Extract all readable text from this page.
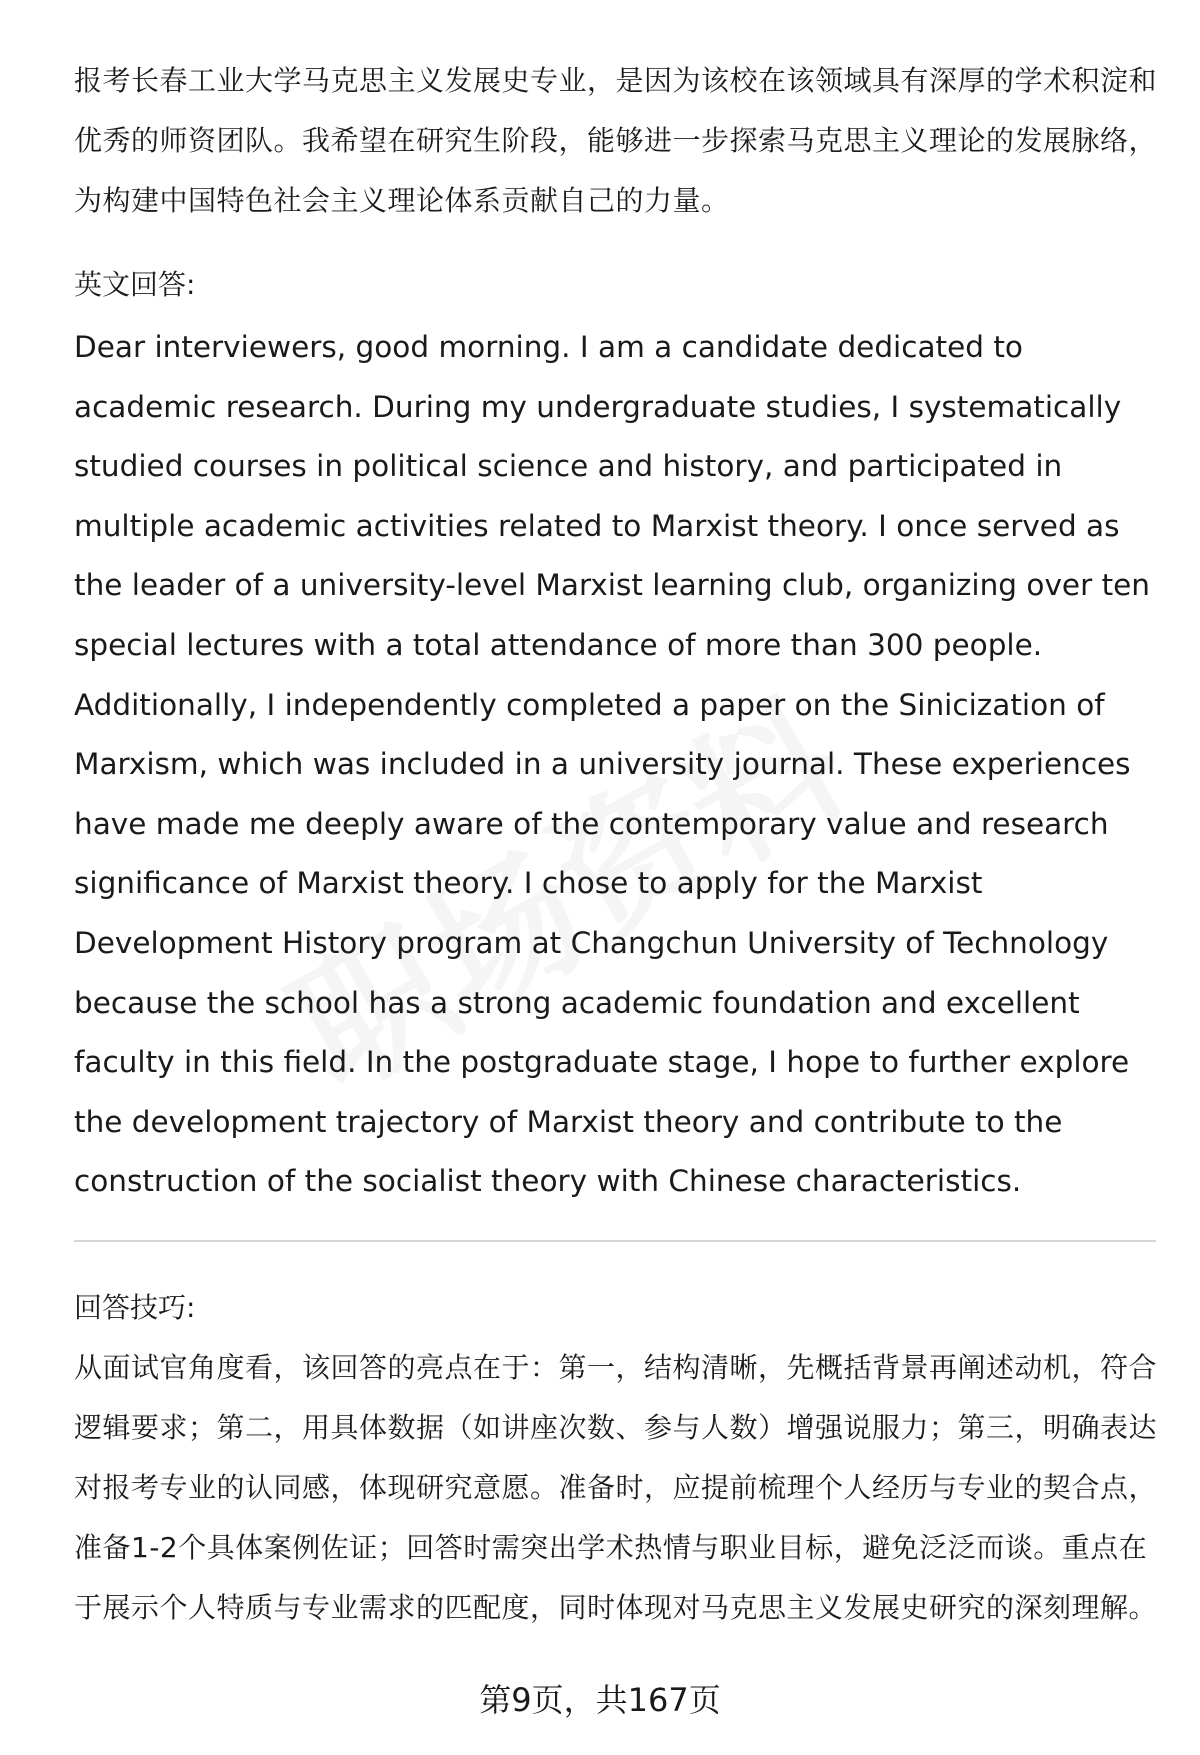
报考长春工业大学马克思主义发展史专业，是因为该校在该领域具有深厚的学术积淀和优秀的师资团队。我希望在研究生阶段，能够进一步探索马克思主义理论的发展脉络，为构建中国特色社会主义理论体系贡献自己的力量。

英文回答:

Dear interviewers, good morning. I am a candidate dedicated to academic research. During my undergraduate studies, I systematically studied courses in political science and history, and participated in multiple academic activities related to Marxist theory. I once served as the leader of a university-level Marxist learning club, organizing over ten special lectures with a total attendance of more than 300 people. Additionally, I independently completed a paper on the Sinicization of Marxism, which was included in a university journal. These experiences have made me deeply aware of the contemporary value and research significance of Marxist theory. I chose to apply for the Marxist Development History program at Changchun University of Technology because the school has a strong academic foundation and excellent faculty in this field. In the postgraduate stage, I hope to further explore the development trajectory of Marxist theory and contribute to the construction of the socialist theory with Chinese characteristics.

回答技巧:

从面试官角度看，该回答的亮点在于：第一，结构清晰，先概括背景再阐述动机，符合逻辑要求；第二，用具体数据（如讲座次数、参与人数）增强说服力；第三，明确表达对报考专业的认同感，体现研究意愿。准备时，应提前梳理个人经历与专业的契合点，准备1-2个具体案例佐证；回答时需突出学术热情与职业目标，避免泛泛而谈。重点在于展示个人特质与专业需求的匹配度，同时体现对马克思主义发展史研究的深刻理解。

第9页，共167页
